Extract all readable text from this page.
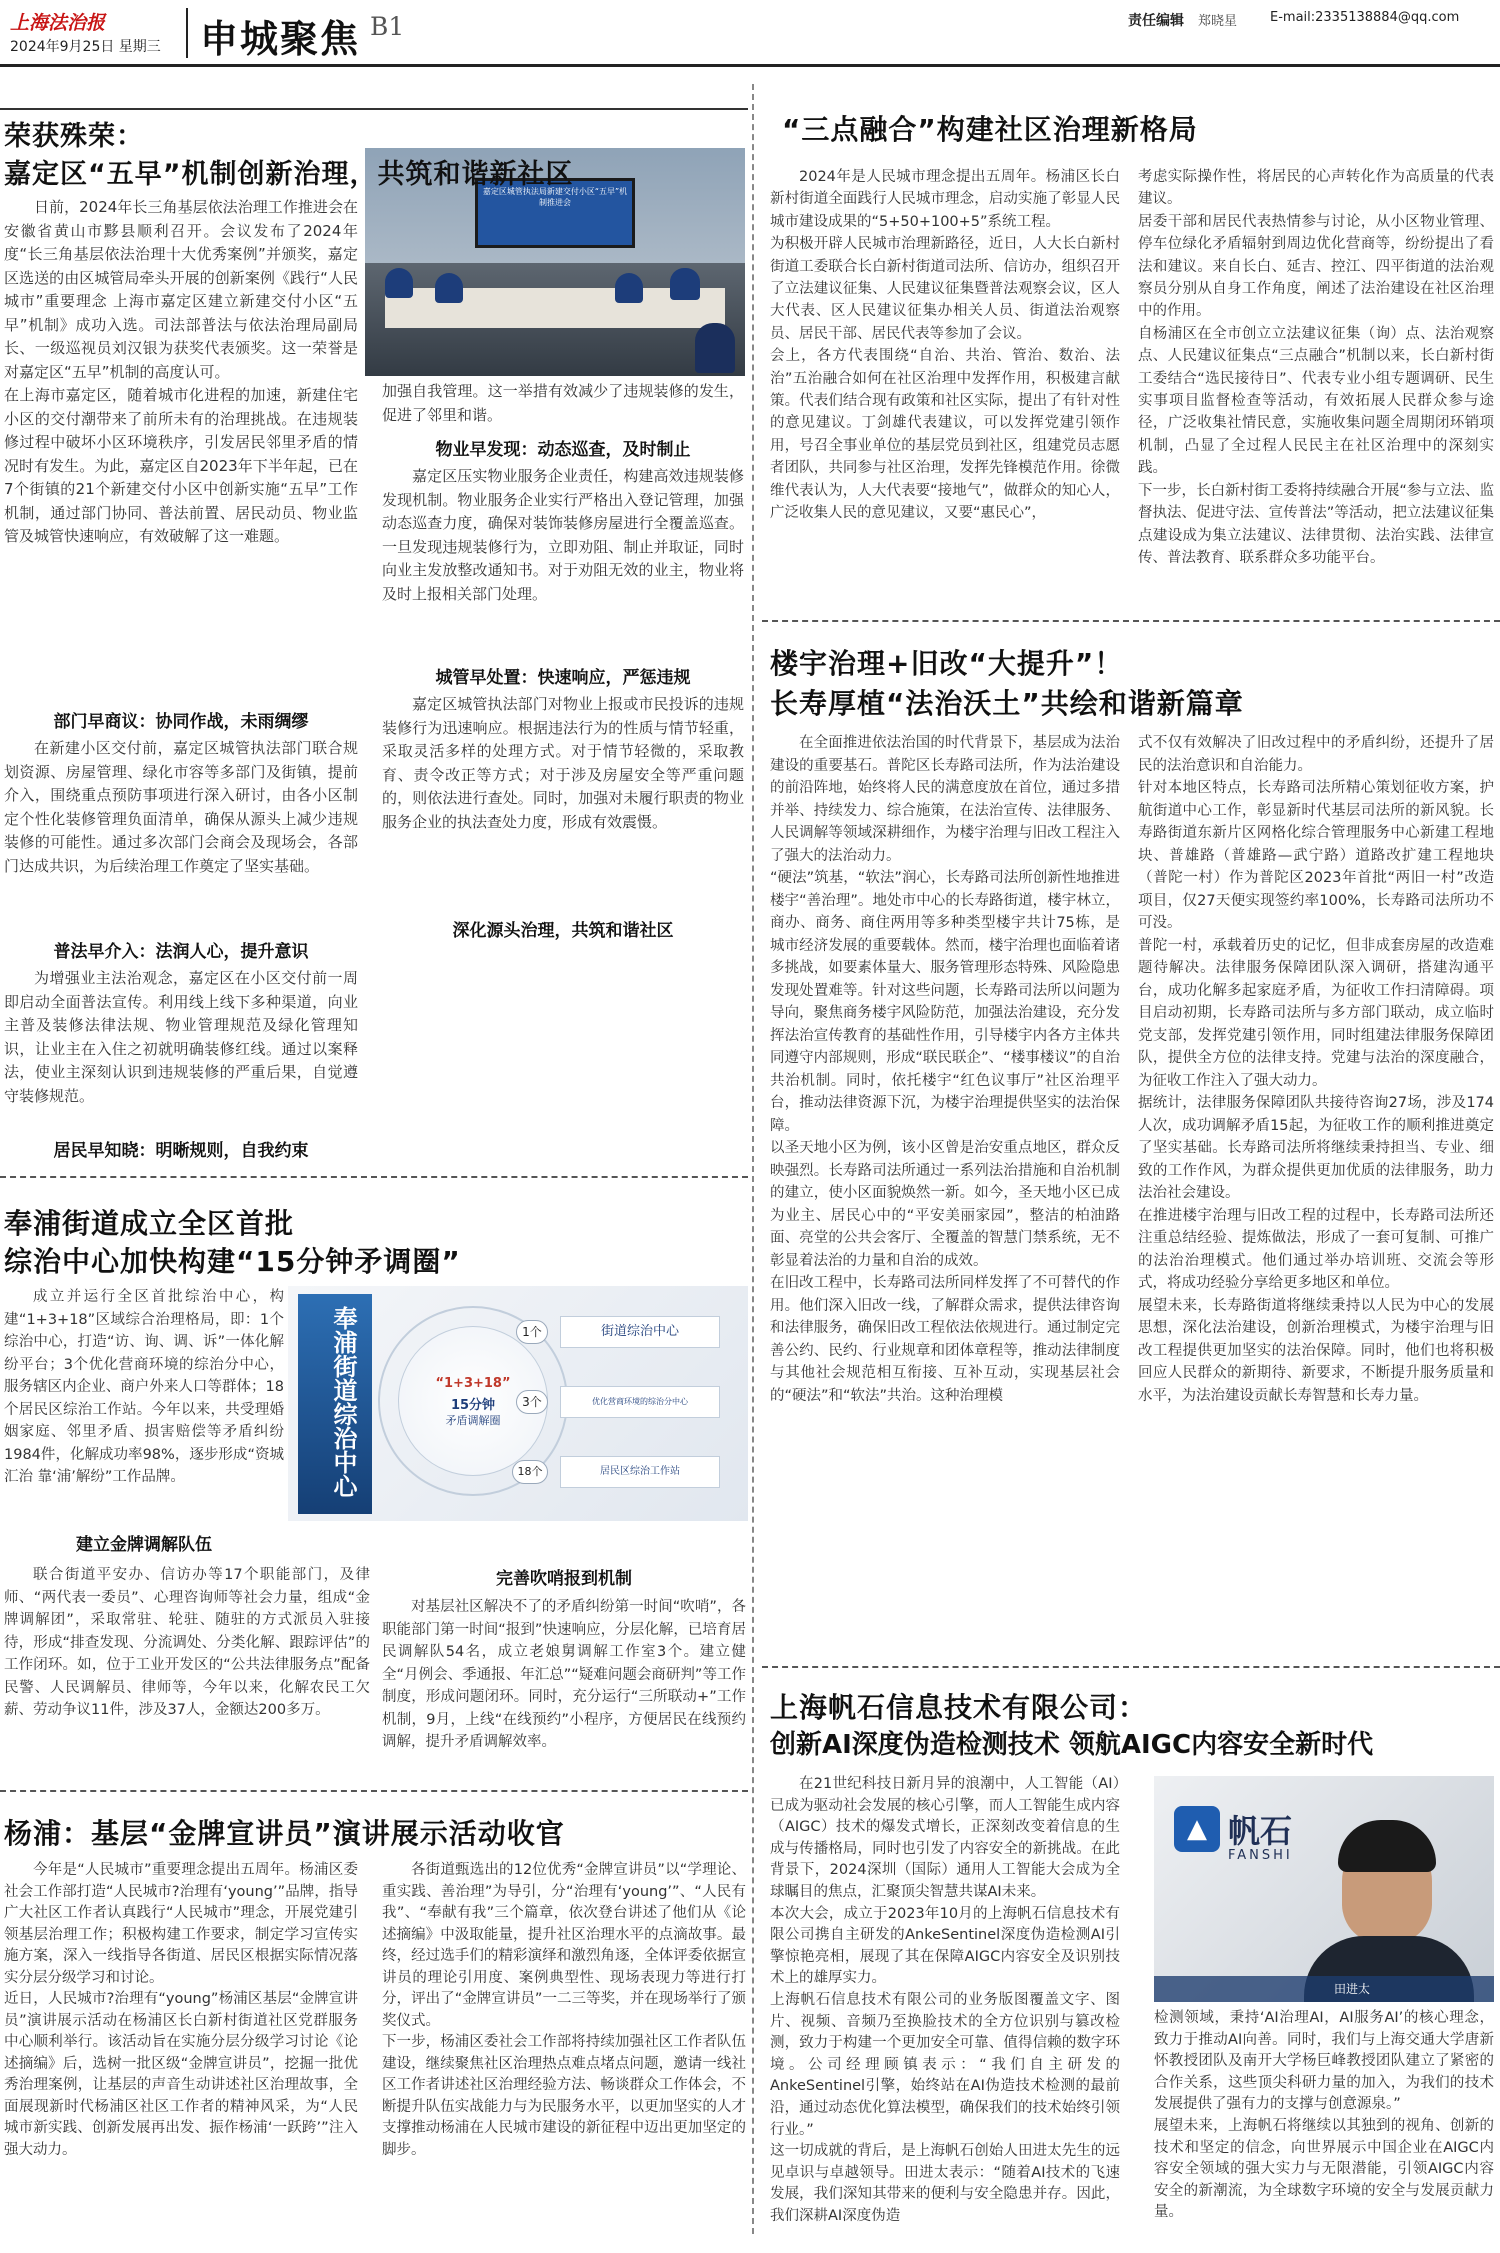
上海法治报
2024年9月25日 星期三 申城聚焦 B1	责任编辑 郑晓星	E-mail:2335138884@qq.com
荣获殊荣：
嘉定区“五早”机制创新治理，共筑和谐新社区
嘉定区城管执法局新建交付小区“五早”机制推进会
日前，2024年长三角基层依法治理工作推进会在安徽省黄山市黟县顺利召开。会议发布了2024年度“长三角基层依法治理十大优秀案例”并颁奖，嘉定区选送的由区城管局牵头开展的创新案例《践行“人民城市”重要理念 上海市嘉定区建立新建交付小区“五早”机制》成功入选。司法部普法与依法治理局副局长、一级巡视员刘汉银为获奖代表颁奖。这一荣誉是对嘉定区“五早”机制的高度认可。
在上海市嘉定区，随着城市化进程的加速，新建住宅小区的交付潮带来了前所未有的治理挑战。在违规装修过程中破坏小区环境秩序，引发居民邻里矛盾的情况时有发生。为此，嘉定区自2023年下半年起，已在7个街镇的21个新建交付小区中创新实施“五早”工作机制，通过部门协同、普法前置、居民动员、物业监管及城管快速响应，有效破解了这一难题。
部门早商议：协同作战，未雨绸缪
在新建小区交付前，嘉定区城管执法部门联合规划资源、房屋管理、绿化市容等多部门及街镇，提前介入，围绕重点预防事项进行深入研讨，由各小区制定个性化装修管理负面清单，确保从源头上减少违规装修的可能性。通过多次部门会商会及现场会，各部门达成共识，为后续治理工作奠定了坚实基础。
普法早介入：法润人心，提升意识
为增强业主法治观念，嘉定区在小区交付前一周即启动全面普法宣传。利用线上线下多种渠道，向业主普及装修法律法规、物业管理规范及绿化管理知识，让业主在入住之初就明确装修红线。通过以案释法，使业主深刻认识到违规装修的严重后果，自觉遵守装修规范。
居民早知晓：明晰规则，自我约束
加强自我管理。这一举措有效减少了违规装修的发生，促进了邻里和谐。
物业早发现：动态巡查，及时制止
嘉定区压实物业服务企业责任，构建高效违规装修发现机制。物业服务企业实行严格出入登记管理，加强动态巡查力度，确保对装饰装修房屋进行全覆盖巡查。一旦发现违规装修行为，立即劝阻、制止并取证，同时向业主发放整改通知书。对于劝阻无效的业主，物业将及时上报相关部门处理。
城管早处置：快速响应，严惩违规
嘉定区城管执法部门对物业上报或市民投诉的违规装修行为迅速响应。根据违法行为的性质与情节轻重，采取灵活多样的处理方式。对于情节轻微的，采取教育、责令改正等方式；对于涉及房屋安全等严重问题的，则依法进行查处。同时，加强对未履行职责的物业服务企业的执法查处力度，形成有效震慑。
深化源头治理，共筑和谐社区
奉浦街道成立全区首批
综治中心加快构建“15分钟矛调圈”
成立并运行全区首批综治中心，构建“1+3+18”区域综合治理格局，即：1个综治中心，打造“访、询、调、诉”一体化解纷平台；3个优化营商环境的综治分中心，服务辖区内企业、商户外来人口等群体；18个居民区综治工作站。今年以来，共受理婚姻家庭、邻里矛盾、损害赔偿等矛盾纠纷1984件，化解成功率98%，逐步形成“资城汇治 靠‘浦’解纷”工作品牌。	奉浦街道综治中心	“1+3+18”
15分钟
矛盾调解圈
1个	街道综治中心
3个	优化营商环境的综治分中心
18个	居民区综治工作站
建立金牌调解队伍
联合街道平安办、信访办等17个职能部门，及律师、“两代表一委员”、心理咨询师等社会力量，组成“金牌调解团”，采取常驻、轮驻、随驻的方式派员入驻接待，形成“排查发现、分流调处、分类化解、跟踪评估”的工作闭环。如，位于工业开发区的“公共法律服务点”配备民警、人民调解员、律师等，今年以来，化解农民工欠薪、劳动争议11件，涉及37人，金额达200多万。
完善吹哨报到机制
对基层社区解决不了的矛盾纠纷第一时间“吹哨”，各职能部门第一时间“报到”快速响应，分层化解，已培育居民调解队54名，成立老娘舅调解工作室3个。建立健全“月例会、季通报、年汇总”“疑难问题会商研判”等工作制度，形成问题闭环。同时，充分运行“三所联动+”工作机制，9月，上线“在线预约”小程序，方便居民在线预约调解，提升矛盾调解效率。
杨浦：基层“金牌宣讲员”演讲展示活动收官
今年是“人民城市”重要理念提出五周年。杨浦区委社会工作部打造“人民城市?治理有‘young’”品牌，指导广大社区工作者认真践行“人民城市”理念，开展党建引领基层治理工作；积极构建工作要求，制定学习宣传实施方案，深入一线指导各街道、居民区根据实际情况落实分层分级学习和讨论。
近日，人民城市?治理有“young”杨浦区基层“金牌宣讲员”演讲展示活动在杨浦区长白新村街道社区党群服务中心顺利举行。该活动旨在实施分层分级学习讨论《论述摘编》后，选树一批区级“金牌宣讲员”，挖掘一批优秀治理案例，让基层的声音生动讲述社区治理故事，全面展现新时代杨浦区社区工作者的精神风采，为“人民城市新实践、创新发展再出发、振作杨浦‘一跃跨’”注入强大动力。
各街道甄选出的12位优秀“金牌宣讲员”以“学理论、重实践、善治理”为导引，分“治理有‘young’”、“人民有我”、“奉献有我”三个篇章，依次登台讲述了他们从《论述摘编》中汲取能量，提升社区治理水平的点滴故事。最终，经过选手们的精彩演绎和激烈角逐，全体评委依据宣讲员的理论引用度、案例典型性、现场表现力等进行打分，评出了“金牌宣讲员”一二三等奖，并在现场举行了颁奖仪式。
下一步，杨浦区委社会工作部将持续加强社区工作者队伍建设，继续聚焦社区治理热点难点堵点问题，邀请一线社区工作者讲述社区治理经验方法、畅谈群众工作体会，不断提升队伍实战能力与为民服务水平，以更加坚实的人才支撑推动杨浦在人民城市建设的新征程中迈出更加坚定的脚步。
“三点融合”构建社区治理新格局
2024年是人民城市理念提出五周年。杨浦区长白新村街道全面践行人民城市理念，启动实施了彰显人民城市建设成果的“5+50+100+5”系统工程。
为积极开辟人民城市治理新路径，近日，人大长白新村街道工委联合长白新村街道司法所、信访办，组织召开了立法建议征集、人民建议征集暨普法观察会议，区人大代表、区人民建议征集办相关人员、街道法治观察员、居民干部、居民代表等参加了会议。
会上，各方代表围绕“自治、共治、管治、数治、法治”五治融合如何在社区治理中发挥作用，积极建言献策。代表们结合现有政策和社区实际，提出了有针对性的意见建议。丁剑雄代表建议，可以发挥党建引领作用，号召全事业单位的基层党员到社区，组建党员志愿者团队，共同参与社区治理，发挥先锋模范作用。徐微维代表认为，人大代表要“接地气”，做群众的知心人，广泛收集人民的意见建议，又要“惠民心”，
考虑实际操作性，将居民的心声转化作为高质量的代表建议。
居委干部和居民代表热情参与讨论，从小区物业管理、停车位绿化矛盾辐射到周边优化营商等，纷纷提出了看法和建议。来自长白、延吉、控江、四平街道的法治观察员分别从自身工作角度，阐述了法治建设在社区治理中的作用。
自杨浦区在全市创立立法建议征集（询）点、法治观察点、人民建议征集点“三点融合”机制以来，长白新村街工委结合“选民接待日”、代表专业小组专题调研、民生实事项目监督检查等活动，有效拓展人民群众参与途径，广泛收集社情民意，实施收集问题全周期闭环销项机制，凸显了全过程人民民主在社区治理中的深刻实践。
下一步，长白新村街工委将持续融合开展“参与立法、监督执法、促进守法、宣传普法”等活动，把立法建议征集点建设成为集立法建议、法律贯彻、法治实践、法律宣传、普法教育、联系群众多功能平台。
楼宇治理+旧改“大提升”！
长寿厚植“法治沃土”共绘和谐新篇章
在全面推进依法治国的时代背景下，基层成为法治建设的重要基石。普陀区长寿路司法所，作为法治建设的前沿阵地，始终将人民的满意度放在首位，通过多措并举、持续发力、综合施策，在法治宣传、法律服务、人民调解等领域深耕细作，为楼宇治理与旧改工程注入了强大的法治动力。
“硬法”筑基，“软法”润心，长寿路司法所创新性地推进楼宇“善治理”。地处市中心的长寿路街道，楼宇林立，商办、商务、商住两用等多种类型楼宇共计75栋，是城市经济发展的重要载体。然而，楼宇治理也面临着诸多挑战，如要素体量大、服务管理形态特殊、风险隐患发现处置难等。针对这些问题，长寿路司法所以问题为导向，聚焦商务楼宇风险防范，加强法治建设，充分发挥法治宣传教育的基础性作用，引导楼宇内各方主体共同遵守内部规则，形成“联民联企”、“楼事楼议”的自治共治机制。同时，依托楼宇“红色议事厅”社区治理平台，推动法律资源下沉，为楼宇治理提供坚实的法治保障。
以圣天地小区为例，该小区曾是治安重点地区，群众反映强烈。长寿路司法所通过一系列法治措施和自治机制的建立，使小区面貌焕然一新。如今，圣天地小区已成为业主、居民心中的“平安美丽家园”，整洁的柏油路面、亮堂的公共会客厅、全覆盖的智慧门禁系统，无不彰显着法治的力量和自治的成效。
在旧改工程中，长寿路司法所同样发挥了不可替代的作用。他们深入旧改一线，了解群众需求，提供法律咨询和法律服务，确保旧改工程依法依规进行。通过制定完善公约、民约、行业规章和团体章程等，推动法律制度与其他社会规范相互衔接、互补互动，实现基层社会的“硬法”和“软法”共治。这种治理模
式不仅有效解决了旧改过程中的矛盾纠纷，还提升了居民的法治意识和自治能力。
针对本地区特点，长寿路司法所精心策划征收方案，护航街道中心工作，彰显新时代基层司法所的新风貌。长寿路街道东新片区网格化综合管理服务中心新建工程地块、普雄路（普雄路—武宁路）道路改扩建工程地块（普陀一村）作为普陀区2023年首批“两旧一村”改造项目，仅27天便实现签约率100%，长寿路司法所功不可没。
普陀一村，承载着历史的记忆，但非成套房屋的改造难题待解决。法律服务保障团队深入调研，搭建沟通平台，成功化解多起家庭矛盾，为征收工作扫清障碍。项目启动初期，长寿路司法所与多方部门联动，成立临时党支部，发挥党建引领作用，同时组建法律服务保障团队，提供全方位的法律支持。党建与法治的深度融合，为征收工作注入了强大动力。
据统计，法律服务保障团队共接待咨询27场，涉及174人次，成功调解矛盾15起，为征收工作的顺利推进奠定了坚实基础。长寿路司法所将继续秉持担当、专业、细致的工作作风，为群众提供更加优质的法律服务，助力法治社会建设。
在推进楼宇治理与旧改工程的过程中，长寿路司法所还注重总结经验、提炼做法，形成了一套可复制、可推广的法治治理模式。他们通过举办培训班、交流会等形式，将成功经验分享给更多地区和单位。
展望未来，长寿路街道将继续秉持以人民为中心的发展思想，深化法治建设，创新治理模式，为楼宇治理与旧改工程提供更加坚实的法治保障。同时，他们也将积极回应人民群众的新期待、新要求，不断提升服务质量和水平，为法治建设贡献长寿智慧和长寿力量。
上海帆石信息技术有限公司：
创新AI深度伪造检测技术 领航AIGC内容安全新时代
在21世纪科技日新月异的浪潮中，人工智能（AI）已成为驱动社会发展的核心引擎，而人工智能生成内容（AIGC）技术的爆发式增长，正深刻改变着信息的生成与传播格局，同时也引发了内容安全的新挑战。在此背景下，2024深圳（国际）通用人工智能大会成为全球瞩目的焦点，汇聚顶尖智慧共谋AI未来。
本次大会，成立于2023年10月的上海帆石信息技术有限公司携自主研发的AnkeSentinel深度伪造检测AI引擎惊艳亮相，展现了其在保障AIGC内容安全及识别技术上的雄厚实力。
上海帆石信息技术有限公司的业务版图覆盖文字、图片、视频、音频乃至换脸技术的全方位识别与篡改检测，致力于构建一个更加安全可靠、值得信赖的数字环境。公司经理顾镇表示：“我们自主研发的AnkeSentinel引擎，始终站在AI伪造技术检测的最前沿，通过动态优化算法模型，确保我们的技术始终引领行业。”
这一切成就的背后，是上海帆石创始人田进太先生的远见卓识与卓越领导。田进太表示：“随着AI技术的飞速发展，我们深知其带来的便利与安全隐患并存。因此，我们深耕AI深度伪造
▲ 帆石
FANSHI
田进太
检测领域，秉持‘AI治理AI，AI服务AI’的核心理念，致力于推动AI向善。同时，我们与上海交通大学唐新怀教授团队及南开大学杨巨峰教授团队建立了紧密的合作关系，这些顶尖科研力量的加入，为我们的技术发展提供了强有力的支撑与创意源泉。”
展望未来，上海帆石将继续以其独到的视角、创新的技术和坚定的信念，向世界展示中国企业在AIGC内容安全领域的强大实力与无限潜能，引领AIGC内容安全的新潮流，为全球数字环境的安全与发展贡献力量。
